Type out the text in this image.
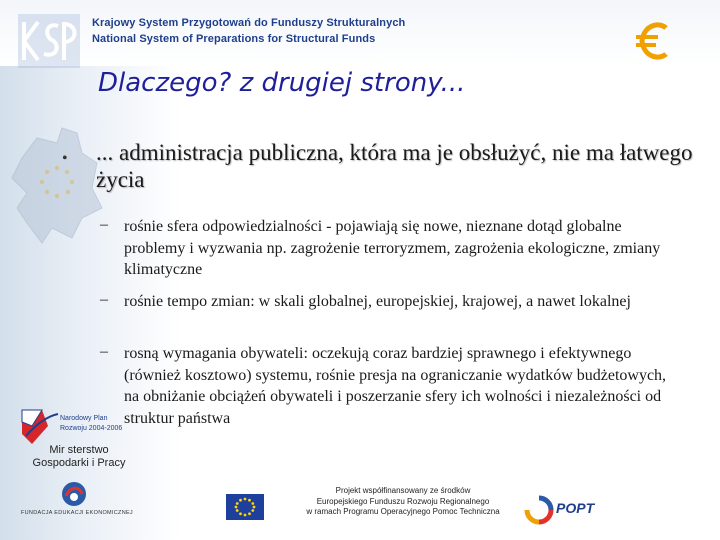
Krajowy System Przygotowań do Funduszy Strukturalnych
National System of Preparations for Structural Funds
Dlaczego? z drugiej strony...
• ... administracja publiczna, która ma je obsłużyć, nie ma łatwego życia
– rośnie sfera odpowiedzialności - pojawiają się nowe, nieznane dotąd globalne problemy i wyzwania np. zagrożenie terroryzmem, zagrożenia ekologiczne, zmiany klimatyczne
– rośnie tempo zmian: w skali globalnej, europejskiej, krajowej, a nawet lokalnej
– rosną wymagania obywateli: oczekują coraz bardziej sprawnego i efektywnego (również kosztowo) systemu, rośnie presja na ograniczanie wydatków budżetowych, na obniżanie obciążeń obywateli i poszerzanie sfery ich wolności i niezależności od struktur państwa
Narodowy Plan
Rozwoju 2004-2006
Mir sterstwo
Gospodarki i Pracy
FUNDACJA EDUKACJI EKONOMICZNEJ
Projekt współfinansowany ze środków
Europejskiego Funduszu Rozwoju Regionalnego
w ramach Programu Operacyjnego Pomoc Techniczna	POPT
